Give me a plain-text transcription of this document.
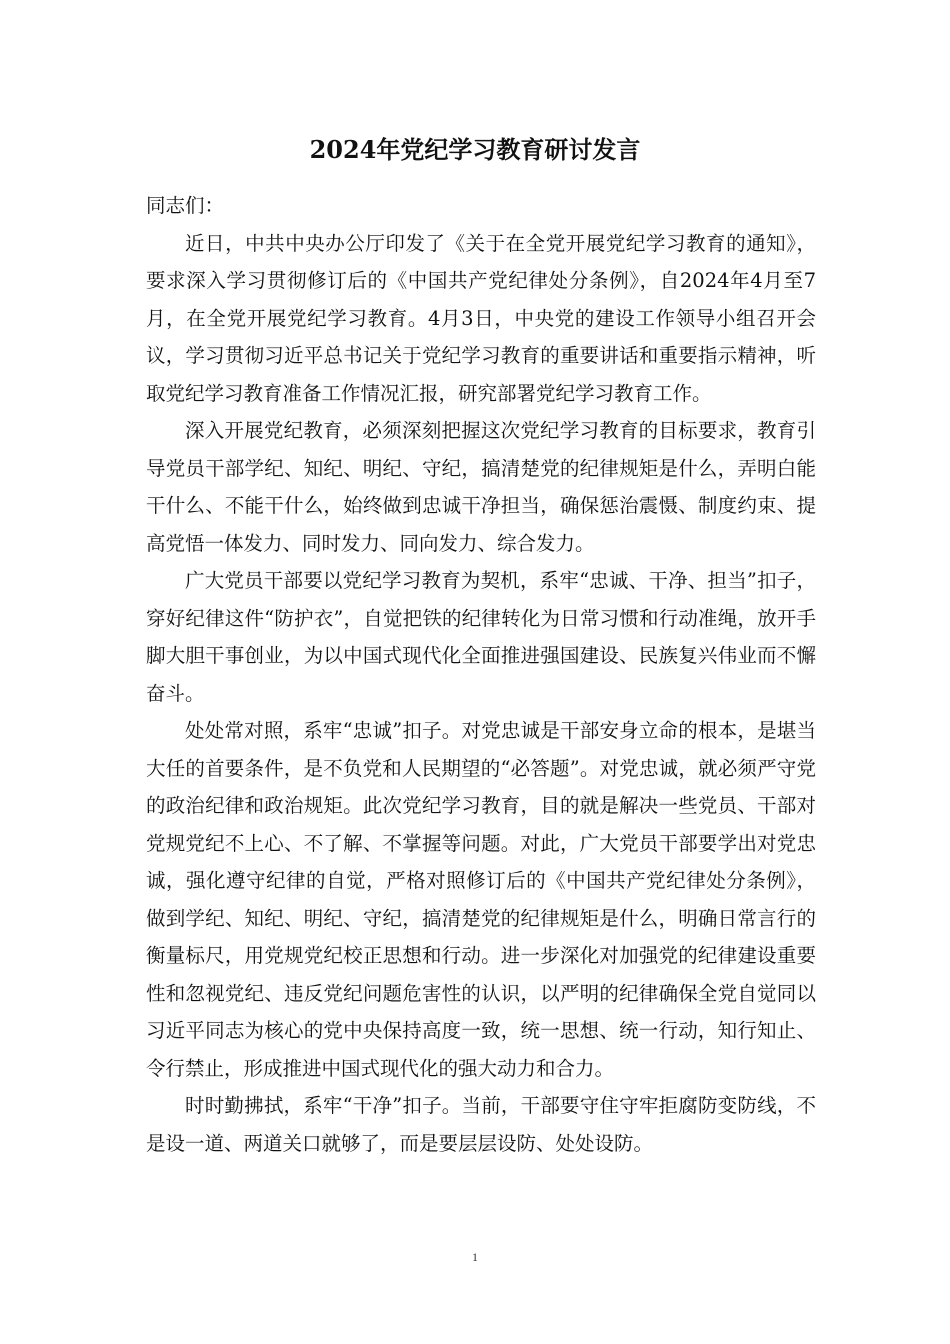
2024年党纪学习教育研讨发言

同志们：

近日，中共中央办公厅印发了《关于在全党开展党纪学习教育的通知》，要求深入学习贯彻修订后的《中国共产党纪律处分条例》，自2024年4月至7月，在全党开展党纪学习教育。4月3日，中央党的建设工作领导小组召开会议，学习贯彻习近平总书记关于党纪学习教育的重要讲话和重要指示精神，听取党纪学习教育准备工作情况汇报，研究部署党纪学习教育工作。

深入开展党纪教育，必须深刻把握这次党纪学习教育的目标要求，教育引导党员干部学纪、知纪、明纪、守纪，搞清楚党的纪律规矩是什么，弄明白能干什么、不能干什么，始终做到忠诚干净担当，确保惩治震慑、制度约束、提高党悟一体发力、同时发力、同向发力、综合发力。

广大党员干部要以党纪学习教育为契机，系牢“忠诚、干净、担当”扣子，穿好纪律这件“防护衣”，自觉把铁的纪律转化为日常习惯和行动准绳，放开手脚大胆干事创业，为以中国式现代化全面推进强国建设、民族复兴伟业而不懈奋斗。

处处常对照，系牢“忠诚”扣子。对党忠诚是干部安身立命的根本，是堪当大任的首要条件，是不负党和人民期望的“必答题”。对党忠诚，就必须严守党的政治纪律和政治规矩。此次党纪学习教育，目的就是解决一些党员、干部对党规党纪不上心、不了解、不掌握等问题。对此，广大党员干部要学出对党忠诚，强化遵守纪律的自觉，严格对照修订后的《中国共产党纪律处分条例》，做到学纪、知纪、明纪、守纪，搞清楚党的纪律规矩是什么，明确日常言行的衡量标尺，用党规党纪校正思想和行动。进一步深化对加强党的纪律建设重要性和忽视党纪、违反党纪问题危害性的认识，以严明的纪律确保全党自觉同以习近平同志为核心的党中央保持高度一致，统一思想、统一行动，知行知止、令行禁止，形成推进中国式现代化的强大动力和合力。

时时勤拂拭，系牢“干净”扣子。当前，干部要守住守牢拒腐防变防线，不是设一道、两道关口就够了，而是要层层设防、处处设防。

1
